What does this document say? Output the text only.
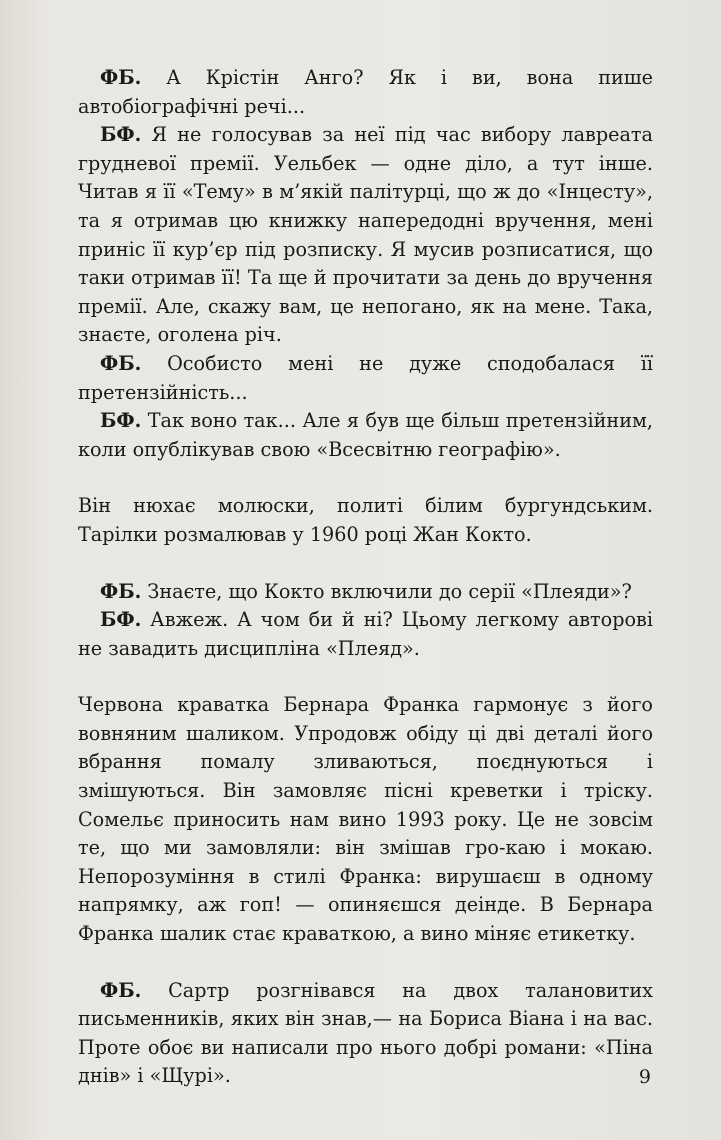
ФБ. А Крістін Анго? Як і ви, вона пише автобіографічні речі...

БФ. Я не голосував за неї під час вибору лавреата грудневої премії. Уельбек — одне діло, а тут інше. Читав я її «Тему» в м’якій палітурці, що ж до «Інцесту», та я отримав цю книжку напередодні вручення, мені приніс її кур’єр під розписку. Я мусив розписатися, що таки отримав її! Та ще й прочитати за день до вручення премії. Але, скажу вам, це непогано, як на мене. Така, знаєте, оголена річ.

ФБ. Особисто мені не дуже сподобалася її претензійність...

БФ. Так воно так... Але я був ще більш претензійним, коли опублікував свою «Всесвітню географію».

Він нюхає молюски, политі білим бургундським. Тарілки розмалював у 1960 році Жан Кокто.

ФБ. Знаєте, що Кокто включили до серії «Плеяди»?

БФ. Авжеж. А чом би й ні? Цьому легкому авторові не завадить дисципліна «Плеяд».

Червона краватка Бернара Франка гармонує з його вовняним шаликом. Упродовж обіду ці дві деталі його вбрання помалу зливаються, поєднуються і змішуються. Він замовляє пісні креветки і тріску. Сомельє приносить нам вино 1993 року. Це не зовсім те, що ми замовляли: він змішав гро-каю і мокаю. Непорозуміння в стилі Франка: вирушаєш в одному напрямку, аж гоп! — опиняєшся деінде. В Бернара Франка шалик стає краваткою, а вино міняє етикетку.

ФБ. Сартр розгнівався на двох талановитих письменників, яких він знав,— на Бориса Віана і на вас. Проте обоє ви написали про нього добрі романи: «Піна днів» і «Щурі».	9
